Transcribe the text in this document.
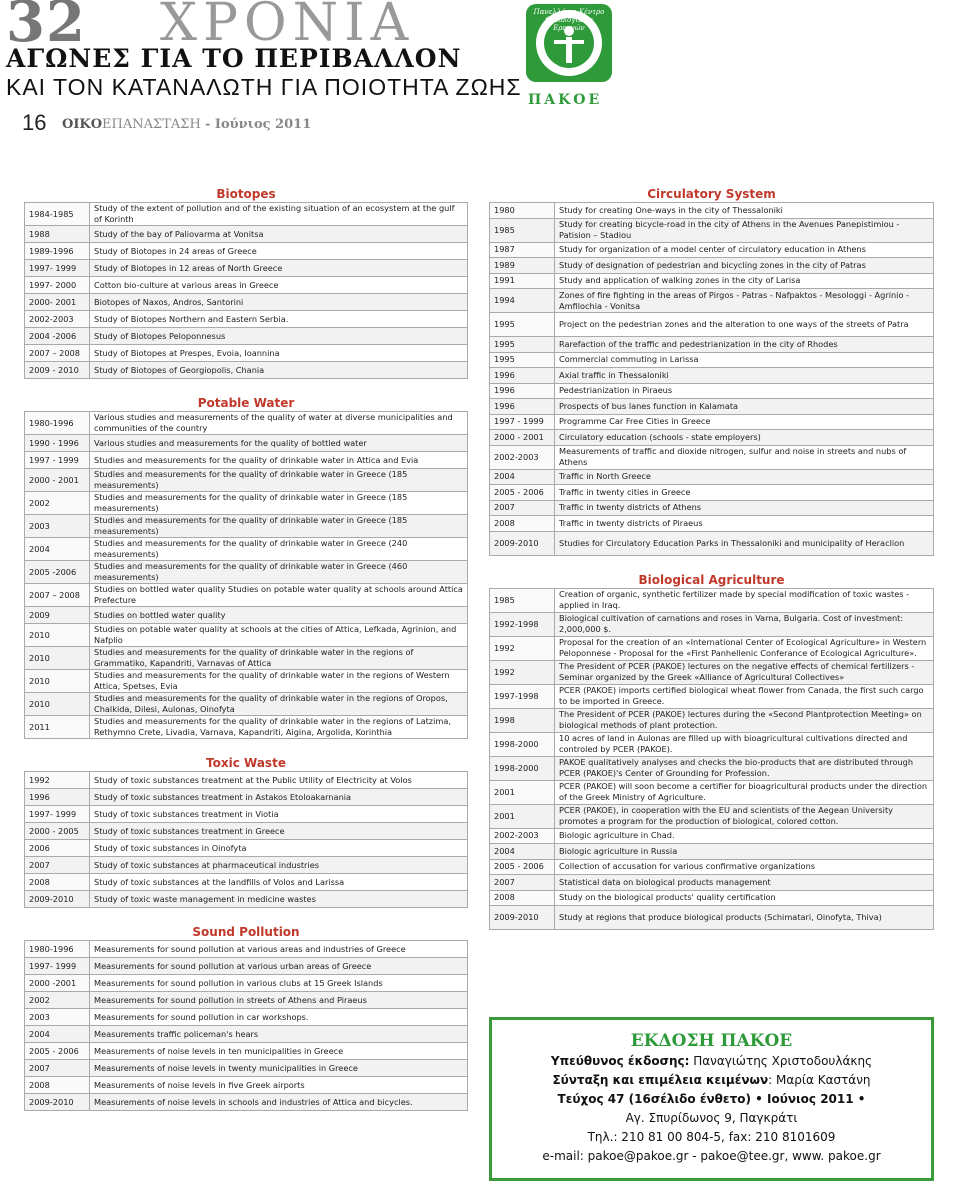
32 ΧΡΟΝΙΑ
ΑΓΩΝΕΣ ΓΙΑ ΤΟ ΠΕΡΙΒΑΛΛΟΝ
ΚΑΙ ΤΟΝ ΚΑΤΑΝΑΛΩΤΗ ΓΙΑ ΠΟΙΟΤΗΤΑ ΖΩΗΣ
16 ΟΙΚΟΕΠΑΝΑΣΤΑΣΗ - Ιούνιος 2011
Πανελλήνιο Κέντρο Οικολογικών Ερευνών
ΠΑΚΟΕ
Biotopes
1984-1985	Study of the extent of pollution and of the existing situation of an ecosystem at the gulf of Korinth
1988	Study of the bay of Paliovarma at Vonitsa
1989-1996	Study of Biotopes in 24 areas of Greece
1997- 1999	Study of Biotopes in 12 areas of North Greece
1997- 2000	Cotton bio-culture at various areas in Greece
2000- 2001	Biotopes of Naxos, Andros, Santorini
2002-2003	Study of Biotopes Northern and Eastern Serbia.
2004 -2006	Study of Biotopes Peloponnesus
2007 – 2008	Study of Biotopes at Prespes, Evoia, Ioannina
2009 - 2010	Study of Biotopes of Georgiopolis, Chania
Potable Water
1980-1996	Various studies and measurements of the quality of water at diverse municipalities and communities of the country
1990 - 1996	Various studies and measurements for the quality of bottled water
1997 - 1999	Studies and measurements for the quality of drinkable water in Attica and Evia
2000 - 2001	Studies and measurements for the quality of drinkable water in Greece (185 measurements)
2002	Studies and measurements for the quality of drinkable water in Greece (185 measurements)
2003	Studies and measurements for the quality of drinkable water in Greece (185 measurements)
2004	Studies and measurements for the quality of drinkable water in Greece (240 measurements)
2005 -2006	Studies and measurements for the quality of drinkable water in Greece (460 measurements)
2007 – 2008	Studies on bottled water quality Studies on potable water quality at schools around Attica Prefecture
2009	Studies on bottled water quality
2010	Studies on potable water quality at schools at the cities of Attica, Lefkada, Agrinion, and Nafplio
2010	Studies and measurements for the quality of drinkable water in the regions of Grammatiko, Kapandriti, Varnavas of Attica
2010	Studies and measurements for the quality of drinkable water in the regions of Western Attica, Spetses, Evia
2010	Studies and measurements for the quality of drinkable water in the regions of Oropos, Chalkida, Dilesi, Aulonas, Oinofyta
2011	Studies and measurements for the quality of drinkable water in the regions of Latzima, Rethymno Crete, Livadia, Varnava, Kapandriti, Aigina, Argolida, Korinthia
Toxic Waste
1992	Study of toxic substances treatment at the Public Utility of Electricity at Volos
1996	Study of toxic substances treatment in Astakos Etoloakarnania
1997- 1999	Study of toxic substances treatment in Viotia
2000 - 2005	Study of toxic substances treatment in Greece
2006	Study of toxic substances in Oinofyta
2007	Study of toxic substances at pharmaceutical industries
2008	Study of toxic substances at the landfills of Volos and Larissa
2009-2010	Study of toxic waste management in medicine wastes
Sound Pollution
1980-1996	Measurements for sound pollution at various areas and industries of Greece
1997- 1999	Measurements for sound pollution at various urban areas of Greece
2000 -2001	Measurements for sound pollution in various clubs at 15 Greek Islands
2002	Measurements for sound pollution in streets of Athens and Piraeus
2003	Measurements for sound pollution in car workshops.
2004	Measurements traffic policeman's hears
2005 - 2006	Measurements of noise levels in ten municipalities in Greece
2007	Measurements of noise levels in twenty municipalities in Greece
2008	Measurements of noise levels in five Greek airports
2009-2010	Measurements of noise levels in schools and industries of Attica and bicycles.
Circulatory System
1980	Study for creating One-ways in the city of Thessaloniki
1985	Study for creating bicycle-road in the city of Athens in the Avenues Panepistimiou - Patision – Stadiou
1987	Study for organization of a model center of circulatory education in Athens
1989	Study of designation of pedestrian and bicycling zones in the city of Patras
1991	Study and application of walking zones in the city of Larisa
1994	Zones of fire fighting in the areas of Pirgos - Patras - Nafpaktos - Mesologgi - Agrinio - Amfilochia - Vonitsa
1995	Project on the pedestrian zones and the alteration to one ways of the streets of Patra
1995	Rarefaction of the traffic and pedestrianization in the city of Rhodes
1995	Commercial commuting in Larissa
1996	Axial traffic in Thessaloniki
1996	Pedestrianization in Piraeus
1996	Prospects of bus lanes function in Kalamata
1997 - 1999	Programme Car Free Cities in Greece
2000 - 2001	Circulatory education (schools - state employers)
2002-2003	Measurements of traffic and dioxide nitrogen, sulfur and noise in streets and nubs of Athens
2004	Traffic in North Greece
2005 - 2006	Traffic in twenty cities in Greece
2007	Traffic in twenty districts of Athens
2008	Traffic in twenty districts of Piraeus
2009-2010	Studies for Circulatory Education Parks in Thessaloniki and municipality of Heraclion
Biological Agriculture
1985	Creation of organic, synthetic fertilizer made by special modification of toxic wastes - applied in Iraq.
1992-1998	Biological cultivation of carnations and roses in Varna, Bulgaria. Cost of investment: 2,000,000 $.
1992	Proposal for the creation of an «International Center of Ecological Agriculture» in Western Peloponnese - Proposal for the «First Panhellenic Conferance of Ecological Agriculture».
1992	The President of PCER (PAKOE) lectures on the negative effects of chemical fertilizers - Seminar organized by the Greek «Alliance of Agricultural Collectives»
1997-1998	PCER (PAKOE) imports certified biological wheat flower from Canada, the first such cargo to be imported in Greece.
1998	The President of PCER (PAKOE) lectures during the «Second Plantprotection Meeting» on biological methods of plant protection.
1998-2000	10 acres of land in Aulonas are filled up with bioagricultural cultivations directed and controled by PCER (PAKOE).
1998-2000	PAKOE qualitatively analyses and checks the bio-products that are distributed through PCER (PAKOE)'s Center of Grounding for Profession.
2001	PCER (PAKOE) will soon become a certifier for bioagricultural products under the direction of the Greek Ministry of Agriculture.
2001	PCER (PAKOE), in cooperation with the EU and scientists of the Aegean University promotes a program for the production of biological, colored cotton.
2002-2003	Biologic agriculture in Chad.
2004	Biologic agriculture in Russia
2005 - 2006	Collection of accusation for various confirmative organizations
2007	Statistical data on biological products management
2008	Study on the biological products' quality certification
2009-2010	Study at regions that produce biological products (Schimatari, Oinofyta, Thiva)
ΕΚΔΟΣΗ ΠΑΚΟΕ
Υπεύθυνος έκδοσης: Παναγιώτης Χριστοδουλάκης
Σύνταξη και επιμέλεια κειμένων: Μαρία Καστάνη
Τεύχος 47 (16σέλιδο ένθετο) • Ιούνιος 2011 •
Αγ. Σπυρίδωνος 9, Παγκράτι
Τηλ.: 210 81 00 804-5, fax: 210 8101609
e-mail: pakoe@pakoe.gr - pakoe@tee.gr, www. pakoe.gr
